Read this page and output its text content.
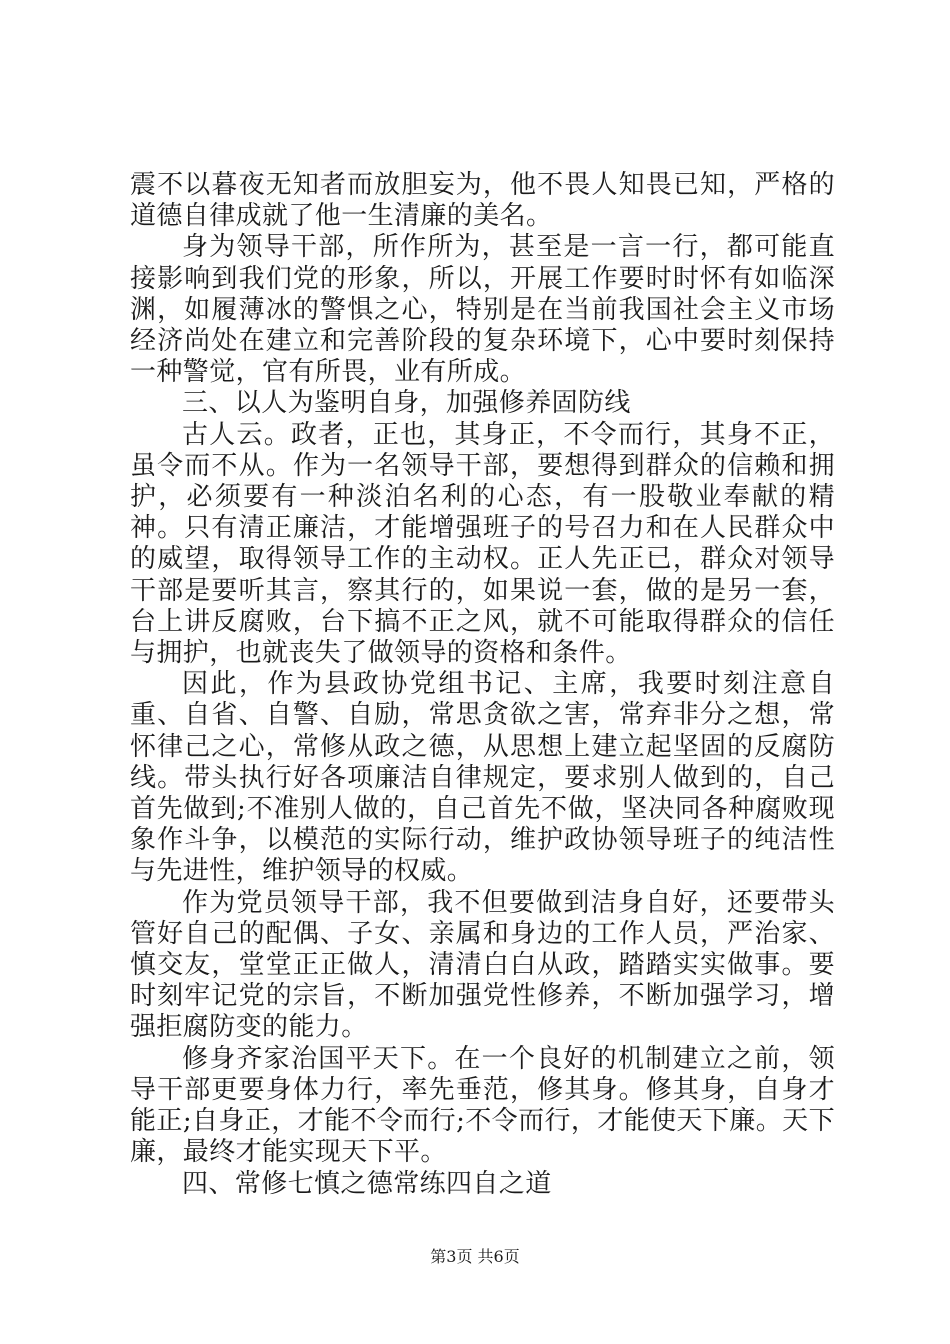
震不以暮夜无知者而放胆妄为，他不畏人知畏已知，严格的道德自律成就了他一生清廉的美名。

身为领导干部，所作所为，甚至是一言一行，都可能直接影响到我们党的形象，所以，开展工作要时时怀有如临深渊，如履薄冰的警惧之心，特别是在当前我国社会主义市场经济尚处在建立和完善阶段的复杂环境下，心中要时刻保持一种警觉，官有所畏，业有所成。

三、以人为鉴明自身，加强修养固防线

古人云。政者，正也，其身正，不令而行，其身不正，虽令而不从。作为一名领导干部，要想得到群众的信赖和拥护，必须要有一种淡泊名利的心态，有一股敬业奉献的精神。只有清正廉洁，才能增强班子的号召力和在人民群众中的威望，取得领导工作的主动权。正人先正已，群众对领导干部是要听其言，察其行的，如果说一套，做的是另一套，台上讲反腐败，台下搞不正之风，就不可能取得群众的信任与拥护，也就丧失了做领导的资格和条件。

因此，作为县政协党组书记、主席，我要时刻注意自重、自省、自警、自励，常思贪欲之害，常弃非分之想，常怀律己之心，常修从政之德，从思想上建立起坚固的反腐防线。带头执行好各项廉洁自律规定，要求别人做到的，自己首先做到;不准别人做的，自己首先不做，坚决同各种腐败现象作斗争，以模范的实际行动，维护政协领导班子的纯洁性与先进性，维护领导的权威。

作为党员领导干部，我不但要做到洁身自好，还要带头管好自己的配偶、子女、亲属和身边的工作人员，严治家、慎交友，堂堂正正做人，清清白白从政，踏踏实实做事。要时刻牢记党的宗旨，不断加强党性修养，不断加强学习，增强拒腐防变的能力。

修身齐家治国平天下。在一个良好的机制建立之前，领导干部更要身体力行，率先垂范，修其身。修其身，自身才能正;自身正，才能不令而行;不令而行，才能使天下廉。天下廉，最终才能实现天下平。

四、常修七慎之德常练四自之道

第3页 共6页
